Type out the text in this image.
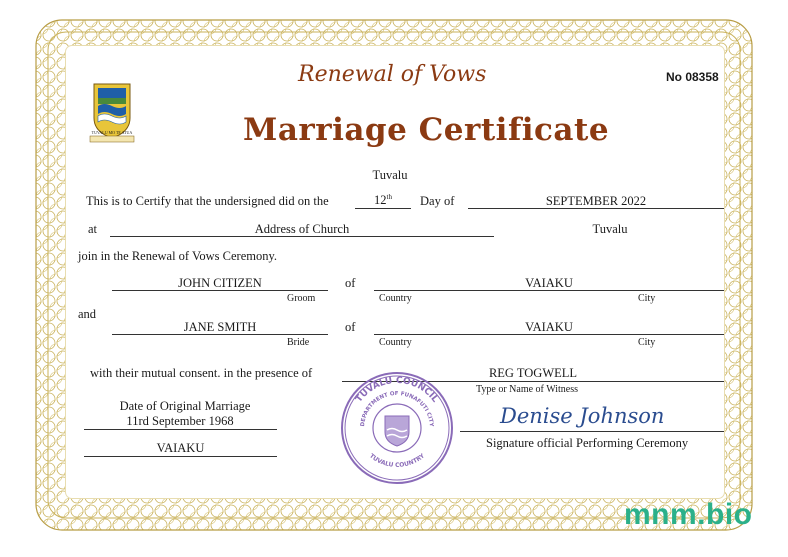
TUVALU MO TE ATUA
Renewal of Vows	No 08358
Marriage Certificate
Tuvalu
This is to Certify that the undersigned did on the	12th	Day of	SEPTEMBER 2022
at	Address of Church	Tuvalu
join in the Renewal of Vows Ceremony.
JOHN CITIZEN
Groom
of	VAIAKU
Country	City
and
JANE SMITH
Bride
of	VAIAKU
Country	City
with their mutual consent. in the presence of	REG TOGWELL
Type or Name of Witness
Date of Original Marriage
11rd September 1968
VAIAKU
TUVALU COUNCIL
DEPARTMENT OF FUNAFUTI CITY
TUVALU COUNTRY
Denise Johnson
Signature official Performing Ceremony
mnm.bio
